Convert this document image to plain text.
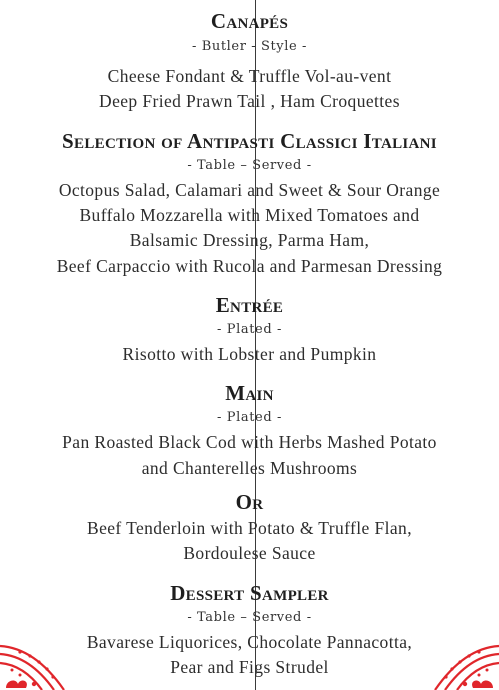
Canapés
- Butler - Style -
Cheese Fondant & Truffle Vol-au-vent
Deep Fried Prawn Tail , Ham Croquettes
Selection of Antipasti Classici Italiani
- Table – Served -
Octopus Salad, Calamari and Sweet & Sour Orange
Buffalo Mozzarella with Mixed Tomatoes and
Balsamic Dressing, Parma Ham,
Beef Carpaccio with Rucola and Parmesan Dressing
Entrée
- Plated -
Risotto with Lobster and Pumpkin
Main
- Plated -
Pan Roasted Black Cod with Herbs Mashed Potato
and Chanterelles Mushrooms
Or
Beef Tenderloin with Potato & Truffle Flan,
Bordoulese Sauce
Dessert Sampler
- Table – Served -
Bavarese Liquorices, Chocolate Pannacotta,
Pear and Figs Strudel
